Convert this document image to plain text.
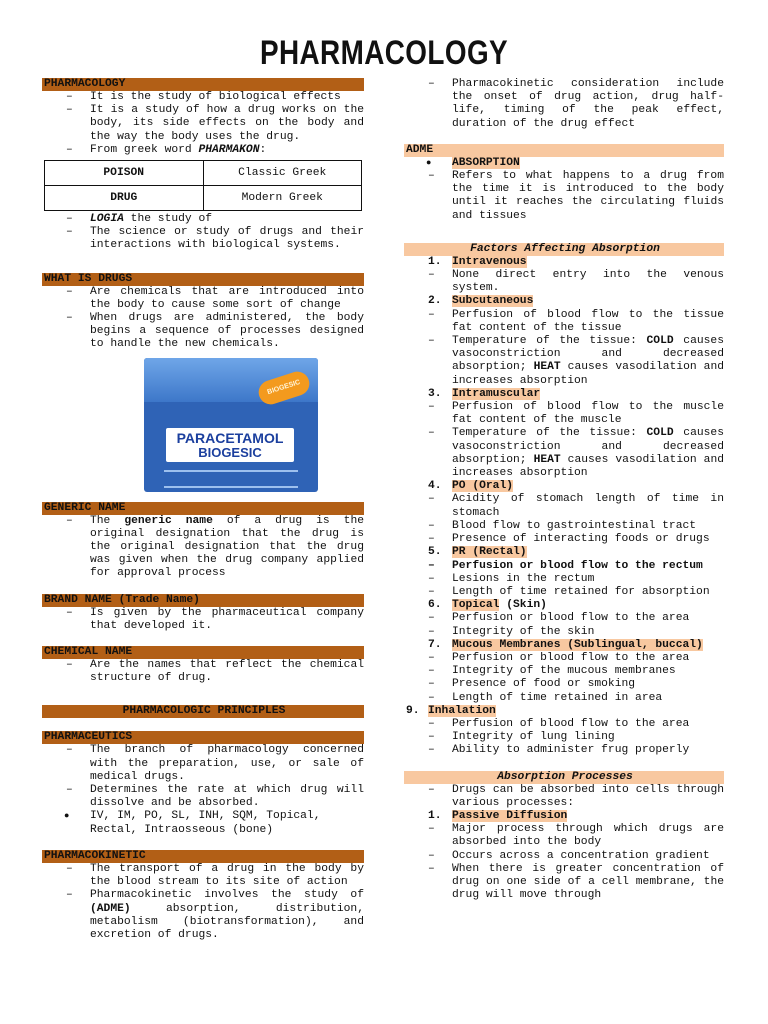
PHARMACOLOGY
PHARMACOLOGY
– It is the study of biological effects
– It is a study of how a drug works on the body, its side effects on the body and the way the body uses the drug.
– From greek word PHARMAKON:
POISON	Classic Greek
DRUG	Modern Greek
– LOGIA the study of
– The science or study of drugs and their interactions with biological systems.
WHAT IS DRUGS
– Are chemicals that are introduced into the body to cause some sort of change
– When drugs are administered, the body begins a sequence of processes designed to handle the new chemicals.
BIOGESIC
PARACETAMOL
BIOGESIC
GENERIC NAME
– The generic name of a drug is the original designation that the drug is the original designation that the drug was given when the drug company applied for approval process
BRAND NAME (Trade Name)
– Is given by the pharmaceutical company that developed it.
CHEMICAL NAME
– Are the names that reflect the chemical structure of drug.
PHARMACOLOGIC PRINCIPLES
PHARMACEUTICS
– The branch of pharmacology concerned with the preparation, use, or sale of medical drugs.
– Determines the rate at which drug will dissolve and be absorbed.
● IV, IM, PO, SL, INH, SQM, Topical, Rectal, Intraosseous (bone)
PHARMACOKINETIC
– The transport of a drug in the body by the blood stream to its site of action
– Pharmacokinetic involves the study of (ADME) absorption, distribution, metabolism (biotransformation), and excretion of drugs.
– Pharmacokinetic consideration include the onset of drug action, drug half-life, timing of the peak effect, duration of the drug effect
ADME
● ABSORPTION
– Refers to what happens to a drug from the time it is introduced to the body until it reaches the circulating fluids and tissues
Factors Affecting Absorption
1. Intravenous
– None direct entry into the venous system.
2. Subcutaneous
– Perfusion of blood flow to the tissue fat content of the tissue
– Temperature of the tissue: COLD causes vasoconstriction and decreased absorption; HEAT causes vasodilation and increases absorption
3. Intramuscular
– Perfusion of blood flow to the muscle fat content of the muscle
– Temperature of the tissue: COLD causes vasoconstriction and decreased absorption; HEAT causes vasodilation and increases absorption
4. PO (Oral)
– Acidity of stomach length of time in stomach
– Blood flow to gastrointestinal tract
– Presence of interacting foods or drugs
5. PR (Rectal)
– Perfusion or blood flow to the rectum
– Lesions in the rectum
– Length of time retained for absorption
6. Topical (Skin)
– Perfusion or blood flow to the area
– Integrity of the skin
7. Mucous Membranes (Sublingual, buccal)
– Perfusion or blood flow to the area
– Integrity of the mucous membranes
– Presence of food or smoking
– Length of time retained in area
9. Inhalation
– Perfusion of blood flow to the area
– Integrity of lung lining
– Ability to administer frug properly
Absorption Processes
– Drugs can be absorbed into cells through various processes:
1. Passive Diffusion
– Major process through which drugs are absorbed into the body
– Occurs across a concentration gradient
– When there is greater concentration of drug on one side of a cell membrane, the drug will move through
